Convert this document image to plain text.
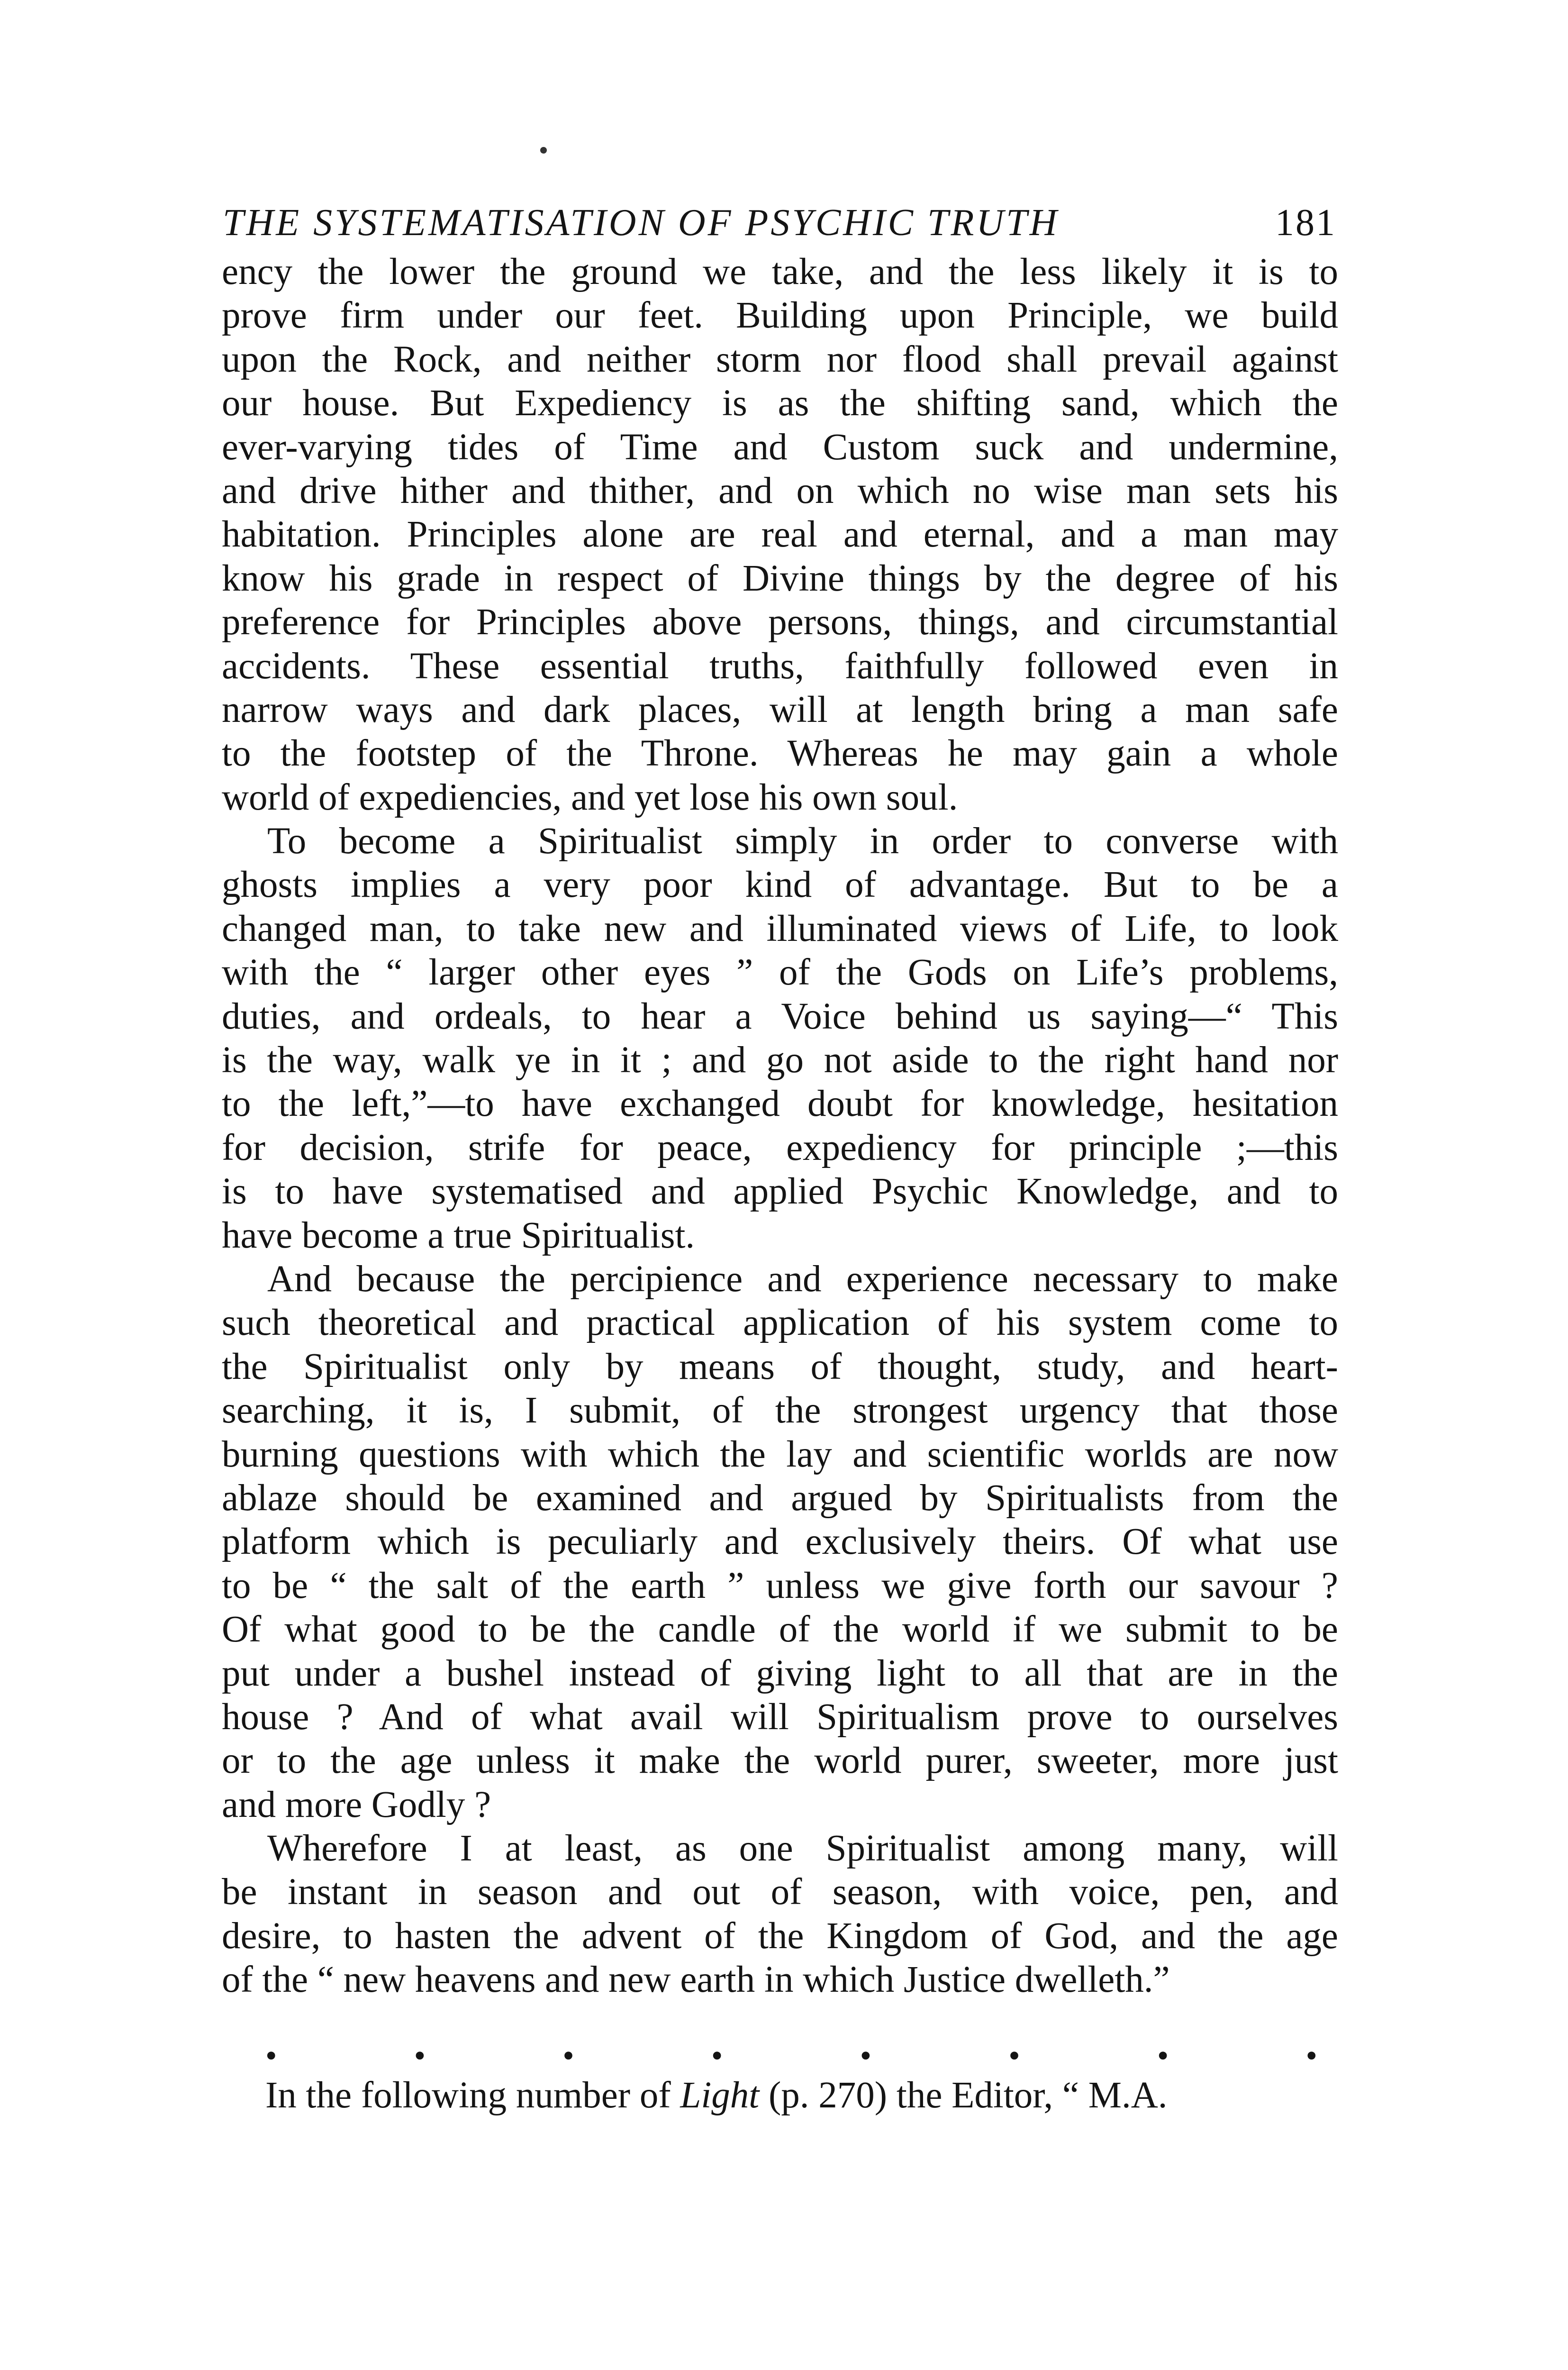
THE SYSTEMATISATION OF PSYCHIC TRUTH	181
ency the lower the ground we take, and the less likely it is to
prove firm under our feet. Building upon Principle, we build
upon the Rock, and neither storm nor flood shall prevail against
our house. But Expediency is as the shifting sand, which the
ever-varying tides of Time and Custom suck and undermine,
and drive hither and thither, and on which no wise man sets his
habitation. Principles alone are real and eternal, and a man may
know his grade in respect of Divine things by the degree of his
preference for Principles above persons, things, and circumstantial
accidents. These essential truths, faithfully followed even in
narrow ways and dark places, will at length bring a man safe
to the footstep of the Throne. Whereas he may gain a whole
world of expediencies, and yet lose his own soul.
To become a Spiritualist simply in order to converse with
ghosts implies a very poor kind of advantage. But to be a
changed man, to take new and illuminated views of Life, to look
with the “ larger other eyes ” of the Gods on Life’s problems,
duties, and ordeals, to hear a Voice behind us saying—“ This
is the way, walk ye in it ; and go not aside to the right hand nor
to the left,”—to have exchanged doubt for knowledge, hesitation
for decision, strife for peace, expediency for principle ;—this
is to have systematised and applied Psychic Knowledge, and to
have become a true Spiritualist.
And because the percipience and experience necessary to make
such theoretical and practical application of his system come to
the Spiritualist only by means of thought, study, and heart-
searching, it is, I submit, of the strongest urgency that those
burning questions with which the lay and scientific worlds are now
ablaze should be examined and argued by Spiritualists from the
platform which is peculiarly and exclusively theirs. Of what use
to be “ the salt of the earth ” unless we give forth our savour ?
Of what good to be the candle of the world if we submit to be
put under a bushel instead of giving light to all that are in the
house ? And of what avail will Spiritualism prove to ourselves
or to the age unless it make the world purer, sweeter, more just
and more Godly ?
Wherefore I at least, as one Spiritualist among many, will
be instant in season and out of season, with voice, pen, and
desire, to hasten the advent of the Kingdom of God, and the age
of the “ new heavens and new earth in which Justice dwelleth.”
•	•	•	•	•	•	•	•
In the following number of Light (p. 270) the Editor, “ M.A.
